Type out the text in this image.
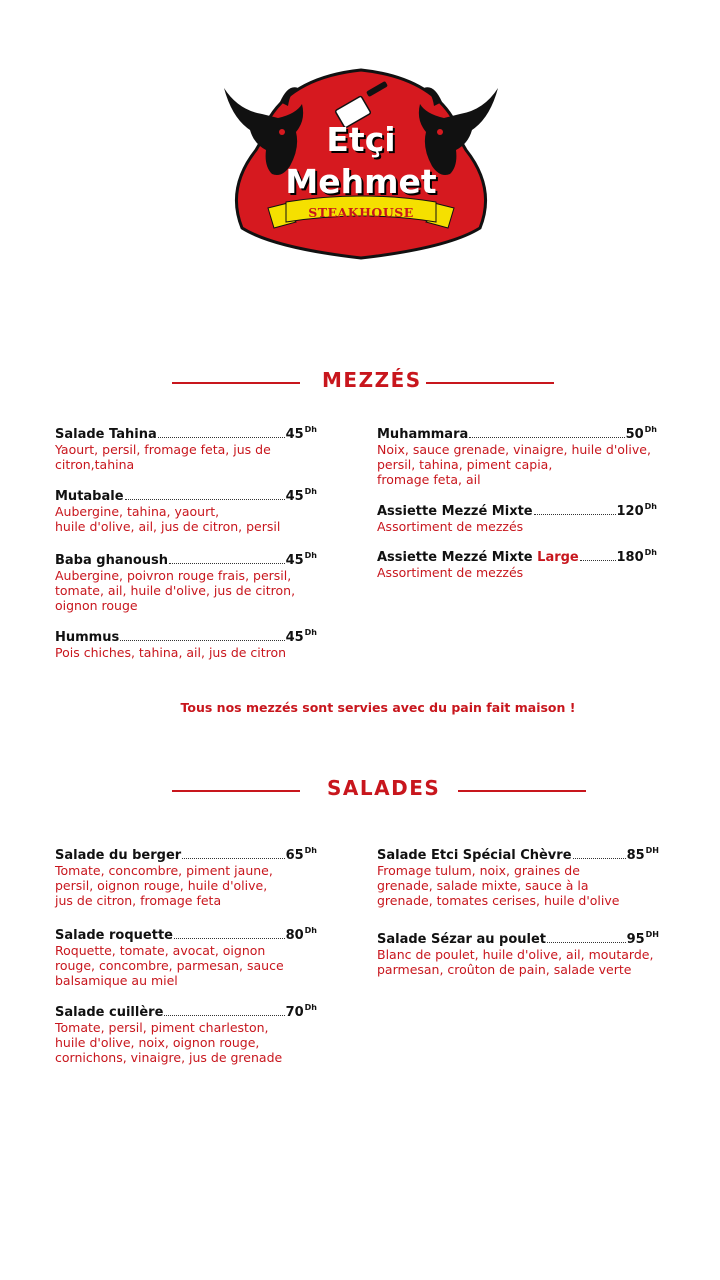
Etçi
Mehmet
STEAKHOUSE
MEZZÉS
Salade Tahina	$45^{Dh}$
Yaourt, persil, fromage feta, jus de
citron,tahina
Mutabale	$45^{Dh}$
Aubergine, tahina, yaourt,
huile d'olive, ail, jus de citron, persil
Baba ghanoush	$45^{Dh}$
Aubergine, poivron rouge frais, persil,
tomate, ail, huile d'olive, jus de citron,
oignon rouge
Hummus	$45^{Dh}$
Pois chiches, tahina, ail, jus de citron
Muhammara	$50^{Dh}$
Noix, sauce grenade, vinaigre, huile d'olive,
persil, tahina, piment capia,
fromage feta, ail
Assiette Mezzé Mixte	$120^{Dh}$
Assortiment de mezzés
Assiette Mezzé Mixte Large	$180^{Dh}$
Assortiment de mezzés
Tous nos mezzés sont servies avec du pain fait maison !
SALADES
Salade du berger	$65^{Dh}$
Tomate, concombre, piment jaune,
persil, oignon rouge, huile d'olive,
jus de citron, fromage feta
Salade roquette	$80^{Dh}$
Roquette, tomate, avocat, oignon
rouge, concombre, parmesan, sauce
balsamique au miel
Salade cuillère	$70^{Dh}$
Tomate, persil, piment charleston,
huile d'olive, noix, oignon rouge,
cornichons, vinaigre, jus de grenade
Salade Etci Spécial Chèvre	$85^{DH}$
Fromage tulum, noix, graines de
grenade, salade mixte, sauce à la
grenade, tomates cerises, huile d'olive
Salade Sézar au poulet	$95^{DH}$
Blanc de poulet, huile d'olive, ail, moutarde,
parmesan, croûton de pain, salade verte
